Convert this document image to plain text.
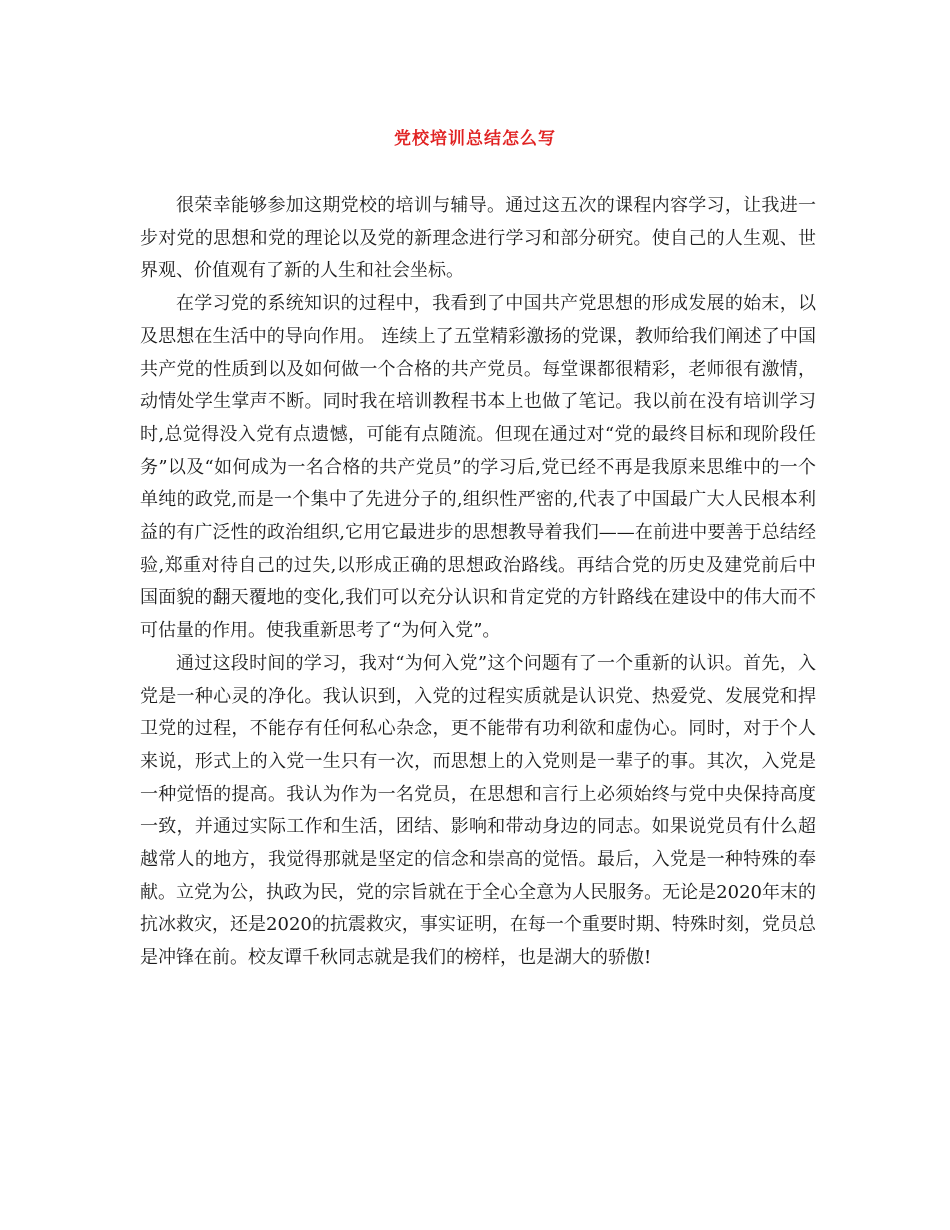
党校培训总结怎么写

很荣幸能够参加这期党校的培训与辅导。通过这五次的课程内容学习，让我进一步对党的思想和党的理论以及党的新理念进行学习和部分研究。使自己的人生观、世界观、价值观有了新的人生和社会坐标。

在学习党的系统知识的过程中，我看到了中国共产党思想的形成发展的始末，以及思想在生活中的导向作用。 连续上了五堂精彩激扬的党课，教师给我们阐述了中国共产党的性质到以及如何做一个合格的共产党员。每堂课都很精彩，老师很有激情，动情处学生掌声不断。同时我在培训教程书本上也做了笔记。我以前在没有培训学习时,总觉得没入党有点遗憾，可能有点随流。但现在通过对“党的最终目标和现阶段任务”以及“如何成为一名合格的共产党员”的学习后,党已经不再是我原来思维中的一个单纯的政党,而是一个集中了先进分子的,组织性严密的,代表了中国最广大人民根本利益的有广泛性的政治组织,它用它最进步的思想教导着我们——在前进中要善于总结经验,郑重对待自己的过失,以形成正确的思想政治路线。再结合党的历史及建党前后中国面貌的翻天覆地的变化,我们可以充分认识和肯定党的方针路线在建设中的伟大而不可估量的作用。使我重新思考了“为何入党”。

通过这段时间的学习，我对“为何入党”这个问题有了一个重新的认识。首先，入党是一种心灵的净化。我认识到，入党的过程实质就是认识党、热爱党、发展党和捍卫党的过程，不能存有任何私心杂念，更不能带有功利欲和虚伪心。同时，对于个人来说，形式上的入党一生只有一次，而思想上的入党则是一辈子的事。其次，入党是一种觉悟的提高。我认为作为一名党员，在思想和言行上必须始终与党中央保持高度一致，并通过实际工作和生活，团结、影响和带动身边的同志。如果说党员有什么超越常人的地方，我觉得那就是坚定的信念和崇高的觉悟。最后，入党是一种特殊的奉献。立党为公，执政为民，党的宗旨就在于全心全意为人民服务。无论是2020年末的抗冰救灾，还是2020的抗震救灾，事实证明，在每一个重要时期、特殊时刻，党员总是冲锋在前。校友谭千秋同志就是我们的榜样，也是湖大的骄傲!
